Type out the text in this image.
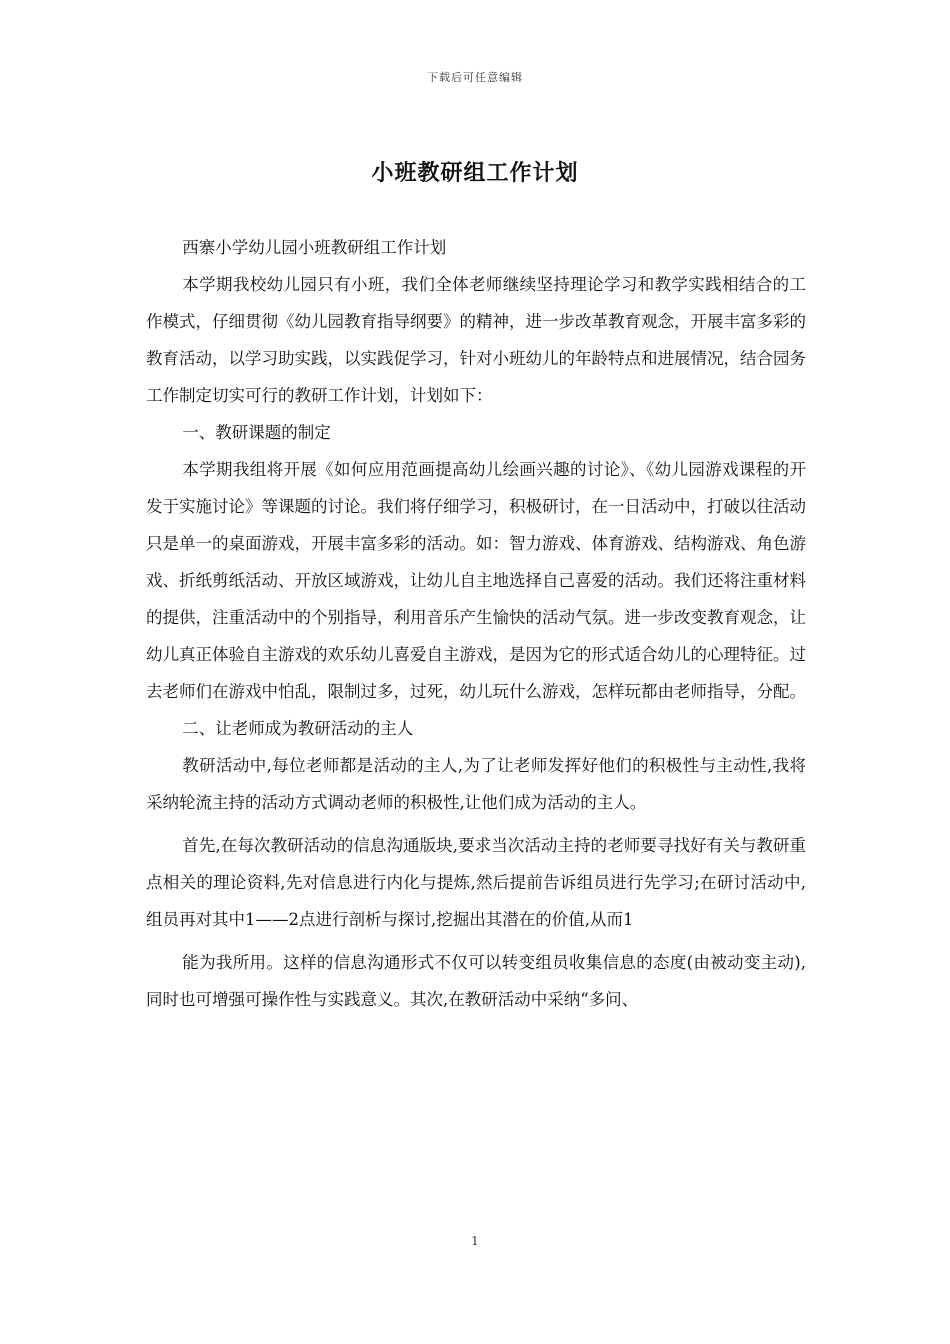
下载后可任意编辑
小班教研组工作计划

西寨小学幼儿园小班教研组工作计划

本学期我校幼儿园只有小班，我们全体老师继续坚持理论学习和教学实践相结合的工作模式，仔细贯彻《幼儿园教育指导纲要》的精神，进一步改革教育观念，开展丰富多彩的教育活动，以学习助实践，以实践促学习，针对小班幼儿的年龄特点和进展情况，结合园务工作制定切实可行的教研工作计划，计划如下：

一、教研课题的制定

本学期我组将开展《如何应用范画提高幼儿绘画兴趣的讨论》、《幼儿园游戏课程的开发于实施讨论》等课题的讨论。我们将仔细学习，积极研讨，在一日活动中，打破以往活动只是单一的桌面游戏，开展丰富多彩的活动。如：智力游戏、体育游戏、结构游戏、角色游戏、折纸剪纸活动、开放区域游戏，让幼儿自主地选择自己喜爱的活动。我们还将注重材料的提供，注重活动中的个别指导，利用音乐产生愉快的活动气氛。进一步改变教育观念，让幼儿真正体验自主游戏的欢乐幼儿喜爱自主游戏，是因为它的形式适合幼儿的心理特征。过去老师们在游戏中怕乱，限制过多，过死，幼儿玩什么游戏，怎样玩都由老师指导，分配。

二、让老师成为教研活动的主人

教研活动中,每位老师都是活动的主人,为了让老师发挥好他们的积极性与主动性,我将采纳轮流主持的活动方式调动老师的积极性,让他们成为活动的主人。

首先,在每次教研活动的信息沟通版块,要求当次活动主持的老师要寻找好有关与教研重点相关的理论资料,先对信息进行内化与提炼,然后提前告诉组员进行先学习;在研讨活动中,组员再对其中1——2点进行剖析与探讨,挖掘出其潜在的价值,从而1

能为我所用。这样的信息沟通形式不仅可以转变组员收集信息的态度(由被动变主动),同时也可增强可操作性与实践意义。其次,在教研活动中采纳“多问、

1
